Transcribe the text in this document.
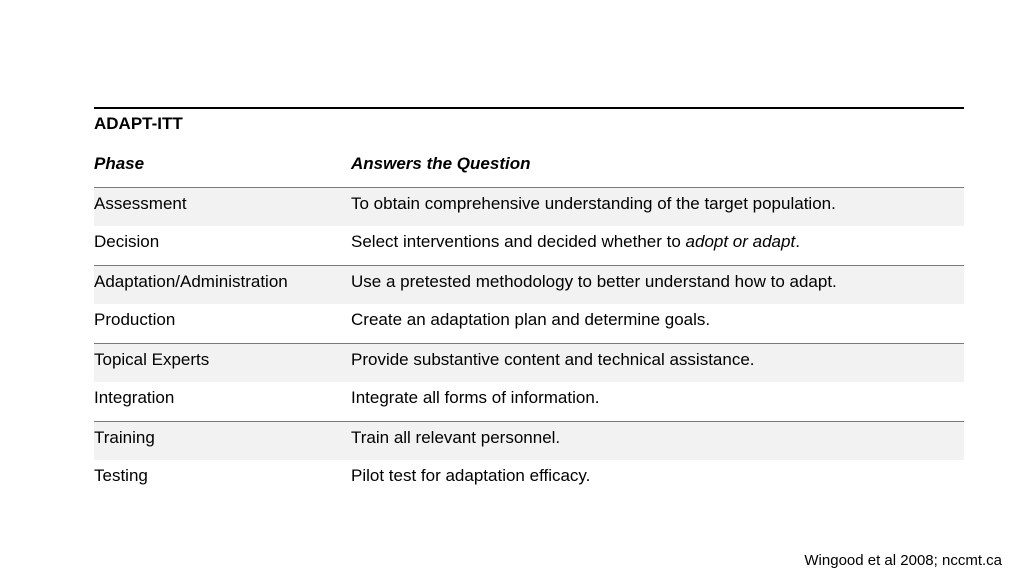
ADAPT-ITT
Phase	Answers the Question
Assessment	To obtain comprehensive understanding of the target population.
Decision	Select interventions and decided whether to adopt or adapt.
Adaptation/Administration	Use a pretested methodology to better understand how to adapt.
Production	Create an adaptation plan and determine goals.
Topical Experts	Provide substantive content and technical assistance.
Integration	Integrate all forms of information.
Training	Train all relevant personnel.
Testing	Pilot test for adaptation efficacy.
Wingood et al 2008; nccmt.ca
